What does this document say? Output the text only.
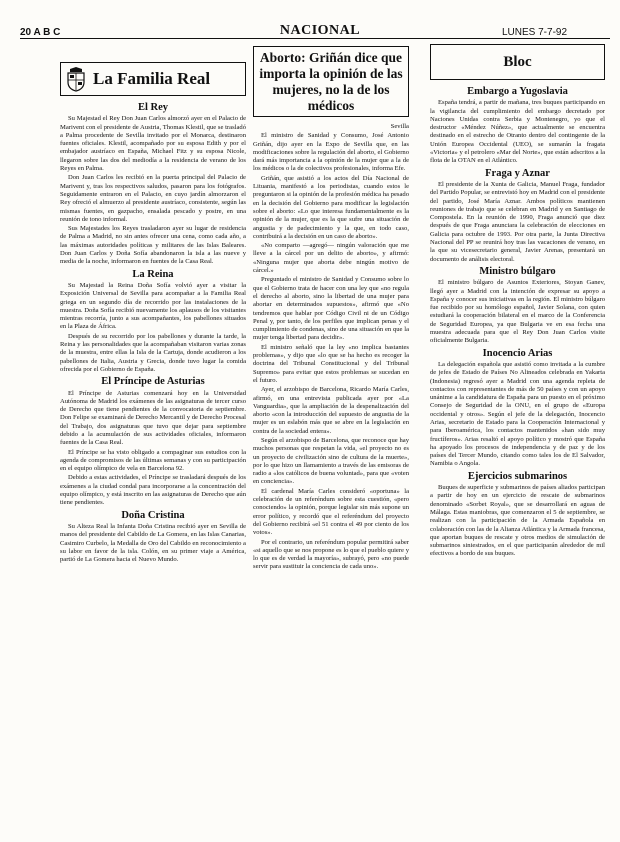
20 A B C	NACIONAL	LUNES 7-7-92
La Familia Real
El Rey

Su Majestad el Rey Don Juan Carlos almorzó ayer en el Palacio de Marivent con el presidente de Austria, Thomas Klestil, que se trasladó a Palma procedente de Sevilla invitado por el Monarca, destinaron fuentes oficiales. Klestil, acompañado por su esposa Edith y por el embajador austríaco en España, Michael Fitz y su esposa Nicole, llegaron sobre las dos del mediodía a la residencia de verano de los Reyes en Palma.

Don Juan Carlos les recibió en la puerta principal del Palacio de Marivent y, tras los respectivos saludos, pasaron para los fotógrafos. Seguidamente entraron en el Palacio, en cuyo jardín almorzaron el Rey ofreció el almuerzo al presidente austríaco, consistente, según las mismas fuentes, en gazpacho, ensalada pescado y postre, en una reunión de tono informal.

Sus Majestades los Reyes trasladaron ayer su lugar de residencia de Palma a Madrid, no sin antes ofrecer una cena, como cada año, a las máximas autoridades políticas y militares de las Islas Baleares. Don Juan Carlos y Doña Sofía abandonaron la isla a las nueve y media de la noche, informaron en fuentes de la Casa Real.

La Reina

Su Majestad la Reina Doña Sofía volvió ayer a visitar la Exposición Universal de Sevilla para acompañar a la Familia Real griega en un segundo día de recorrido por las instalaciones de la muestra. Doña Sofía recibió nuevamente los aplausos de los visitantes mientras recorría, junto a sus acompañantes, los pabellones situados en la Plaza de África.

Después de su recorrido por los pabellones y durante la tarde, la Reina y las personalidades que la acompañaban visitaron varias zonas de la muestra, entre ellas la Isla de la Cartuja, donde acudieron a los pabellones de Italia, Austria y Grecia, donde tuvo lugar la comida ofrecida por el Gobierno de España.

El Príncipe de Asturias

El Príncipe de Asturias comenzará hoy en la Universidad Autónoma de Madrid los exámenes de las asignaturas de tercer curso de Derecho que tiene pendientes de la convocatoria de septiembre. Don Felipe se examinará de Derecho Mercantil y de Derecho Procesal del Trabajo, dos asignaturas que tuvo que dejar para septiembre debido a la acumulación de sus actividades oficiales, informaron fuentes de la Casa Real.

El Príncipe se ha visto obligado a compaginar sus estudios con la agenda de compromisos de las últimas semanas y con su participación en el equipo olímpico de vela en Barcelona 92.

Debido a estas actividades, el Príncipe se trasladará después de los exámenes a la ciudad condal para incorporarse a la concentración del equipo olímpico, y está inscrito en las asignaturas de Derecho que aún tiene pendientes.

Doña Cristina

Su Alteza Real la Infanta Doña Cristina recibió ayer en Sevilla de manos del presidente del Cabildo de La Gomera, en las Islas Canarias, Casimiro Curbelo, la Medalla de Oro del Cabildo en reconocimiento a su labor en favor de la isla. Colón, en su primer viaje a América, partió de La Gomera hacia el Nuevo Mundo.

Aborto: Griñán dice que importa la opinión de las mujeres, no la de los médicos
Sevilla

El ministro de Sanidad y Consumo, José Antonio Griñán, dijo ayer en la Expo de Sevilla que, en las modificaciones sobre la regulación del aborto, el Gobierno dará más importancia a la opinión de la mujer que a la de los médicos o la de colectivos profesionales, informa Efe.

Griñán, que asistió a los actos del Día Nacional de Lituania, manifestó a los periodistas, cuando estos le preguntaron si la opinión de la profesión médica ha pesado en la decisión del Gobierno para modificar la legislación sobre el aborto: «Lo que interesa fundamentalmente es la opinión de la mujer, que es la que sufre una situación de angustia y de padecimiento y la que, en todo caso, contribuirá a la decisión en un caso de aborto».

«No comparto —agregó— ningún valoración que me lleve a la cárcel por un delito de aborto», y afirmó: «Ninguna mujer que aborta debe ningún motivo de cárcel.»

Preguntado el ministro de Sanidad y Consumo sobre lo que el Gobierno trata de hacer con una ley que «no regula el derecho al aborto, sino la libertad de una mujer para abortar en determinados supuestos», afirmó que «No tendremos que hablar por Código Civil ni de un Código Penal y, por tanto, de los perfiles que implican penas y el cumplimiento de condenas, sino de una situación en que la mujer tenga libertad para decidir».

El ministro señaló que la ley «no implica bastantes problemas», y dijo que «lo que se ha hecho es recoger la doctrina del Tribunal Constitucional y del Tribunal Supremo» para evitar que estos problemas se sucedan en el futuro.

Ayer, el arzobispo de Barcelona, Ricardo María Carles, afirmó, en una entrevista publicada ayer por «La Vanguardia», que la ampliación de la despenalización del aborto «con la introducción del supuesto de angustia de la mujer es un eslabón más que se abre en la legislación en contra de la sociedad entera».

Según el arzobispo de Barcelona, que reconoce que hay muchos personas que respetan la vida, «el proyecto no es un proyecto de civilización sino de cultura de la muerte», por lo que hizo un llamamiento a través de las emisoras de radio a «los católicos de buena voluntad», para que «voten en conciencia».

El cardenal María Carles consideró «oportuna» la celebración de un referéndum sobre esta cuestión, «pero conociendo» la opinión, porque legislar sin más supone un error político, y recordó que el referéndum del proyecto del Gobierno recibirá «el 51 contra el 49 por ciento de los votos».

Por el contrario, un referéndum popular permitirá saber «si aquello que se nos propone es lo que el pueblo quiere y lo que es de verdad la mayoría», subrayó, pero «no puede servir para sustituir la conciencia de cada uno».

Bloc
Embargo a Yugoslavia

España tendrá, a partir de mañana, tres buques participando en la vigilancia del cumplimiento del embargo decretado por Naciones Unidas contra Serbia y Montenegro, yo que el destructor «Méndez Núñez», que actualmente se encuentra destinado en el estrecho de Otranto dentro del contingente de la Unión Europea Occidental (UEO), se sumarán la fragata «Victoria» y el petrolero «Mar del Norte», que están adscritos a la flota de la OTAN en el Atlántico.

Fraga y Aznar

El presidente de la Xunta de Galicia, Manuel Fraga, fundador del Partido Popular, se entrevistó hoy en Madrid con el presidente del partido, José María Aznar. Ambos políticos mantienen reuniones de trabajo que se celebran en Madrid y en Santiago de Compostela. En la reunión de 1990, Fraga anunció que diez después de que Fraga anunciara la celebración de elecciones en Galicia para octubre de 1993. Por otra parte, la Junta Directiva Nacional del PP se reunirá hoy tras las vacaciones de verano, en la que su vicesecretario general, Javier Arenas, presentará un documento de análisis electoral.

Ministro búlgaro

El ministro búlgaro de Asuntos Exteriores, Stoyan Ganev, llegó ayer a Madrid con la intención de expresar su apoyo a España y conocer sus iniciativas en la región. El ministro búlgaro fue recibido por su homólogo español, Javier Solana, con quien estudiará la cooperación bilateral en el marco de la Conferencia de Seguridad Europea, ya que Bulgaria ve en esa fecha una muestra adecuada para que el Rey Don Juan Carlos visite oficialmente Bulgaria.

Inocencio Arias

La delegación española que asistió como invitada a la cumbre de jefes de Estado de Países No Alineados celebrada en Yakarta (Indonesia) regresó ayer a Madrid con una agenda repleta de contactos con representantes de más de 50 países y con un apoyo unánime a la candidatura de España para un puesto en el próximo Consejo de Seguridad de la ONU, en el grupo de «Europa occidental y otros». Según el jefe de la delegación, Inocencio Arias, secretario de Estado para la Cooperación Internacional y para Iberoamérica, los contactos mantenidos «han sido muy fructíferos». Arias resaltó el apoyo político y mostró que España ha apoyado los procesos de independencia y de paz y de los países del Tercer Mundo, citando como tales los de El Salvador, Namibia o Angola.

Ejercicios submarinos

Buques de superficie y submarinos de países aliados participan a partir de hoy en un ejercicio de rescate de submarinos denominado «Sorbet Royal», que se desarrollará en aguas de Málaga. Estas maniobras, que comenzaron el 5 de septiembre, se realizan con la participación de la Armada Española en colaboración con las de la Alianza Atlántica y la Armada francesa, que aportan buques de rescate y otros medios de simulación de submarinos siniestrados, en el que participarán alrededor de mil efectivos a bordo de sus buques.
